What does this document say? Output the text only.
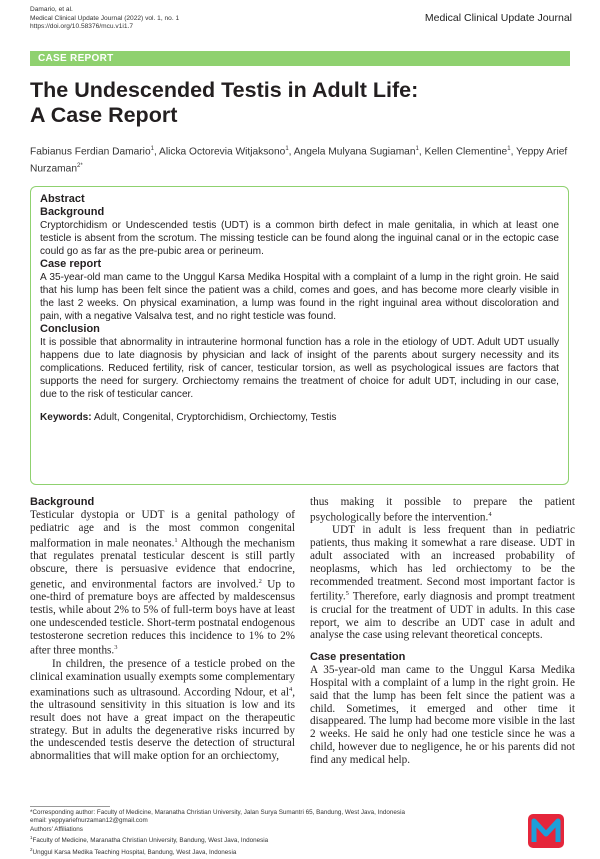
Damario, et al.
Medical Clinical Update Journal (2022) vol. 1, no. 1
https://doi.org/10.58376/mcu.v1i1.7
Medical Clinical Update Journal
CASE REPORT
The Undescended Testis in Adult Life:
A Case Report
Fabianus Ferdian Damario$^1$, Alicka Octorevia Witjaksono$^1$, Angela Mulyana Sugiaman$^1$, Kellen Clementine$^1$, Yeppy Arief Nurzaman$^{2*}$
Abstract
Background

Cryptorchidism or Undescended testis (UDT) is a common birth defect in male genitalia, in which at least one testicle is absent from the scrotum. The missing testicle can be found along the inguinal canal or in the ectopic case could go as far as the pre-pubic area or perineum.

Case report

A 35-year-old man came to the Unggul Karsa Medika Hospital with a complaint of a lump in the right groin. He said that his lump has been felt since the patient was a child, comes and goes, and has become more clearly visible in the last 2 weeks. On physical examination, a lump was found in the right inguinal area without discoloration and pain, with a negative Valsalva test, and no right testicle was found.

Conclusion

It is possible that abnormality in intrauterine hormonal function has a role in the etiology of UDT. Adult UDT usually happens due to late diagnosis by physician and lack of insight of the parents about surgery necessity and its complications. Reduced fertility, risk of cancer, testicular torsion, as well as psychological issues are factors that supports the need for surgery. Orchiectomy remains the treatment of choice for adult UDT, including in our case, due to the risk of testicular cancer.

Keywords: Adult, Congenital, Cryptorchidism, Orchiectomy, Testis

Background

Testicular dystopia or UDT is a genital pathology of pediatric age and is the most common congenital malformation in male neonates.$^1$ Although the mechanism that regulates prenatal testicular descent is still partly obscure, there is persuasive evidence that endocrine, genetic, and environmental factors are involved.$^2$ Up to one-third of premature boys are affected by maldescensus testis, while about 2% to 5% of full-term boys have at least one undescended testicle. Short-term postnatal endogenous testosterone secretion reduces this incidence to 1% to 2% after three months.$^3$

In children, the presence of a testicle probed on the clinical examination usually exempts some complementary examinations such as ultrasound. According Ndour, et $al^4$, the ultrasound sensitivity in this situation is low and its result does not have a great impact on the therapeutic strategy. But in adults the degenerative risks incurred by the undescended testis deserve the detection of structural abnormalities that will make option for an orchiectomy,

thus making it possible to prepare the patient psychologically before the intervention.$^4$

UDT in adult is less frequent than in pediatric patients, thus making it somewhat a rare disease. UDT in adult associated with an increased probability of neoplasms, which has led orchiectomy to be the recommended treatment. Second most important factor is fertility.$^5$ Therefore, early diagnosis and prompt treatment is crucial for the treatment of UDT in adults. In this case report, we aim to describe an UDT case in adult and analyse the case using relevant theoretical concepts.

Case presentation

A 35-year-old man came to the Unggul Karsa Medika Hospital with a complaint of a lump in the right groin. He said that the lump has been felt since the patient was a child. Sometimes, it emerged and other time it disappeared. The lump had become more visible in the last 2 weeks. He said he only had one testicle since he was a child, however due to negligence, he or his parents did not find any medical help.

*Corresponding author: Faculty of Medicine, Maranatha Christian University, Jalan Surya Sumantri 65, Bandung, West Java, Indonesia
email: yeppyariefnurzaman12@gmail.com
Authors' Affiliations
$^1$Faculty of Medicine, Maranatha Christian University, Bandung, West Java, Indonesia
$^2$Unggul Karsa Medika Teaching Hospital, Bandung, West Java, Indonesia
